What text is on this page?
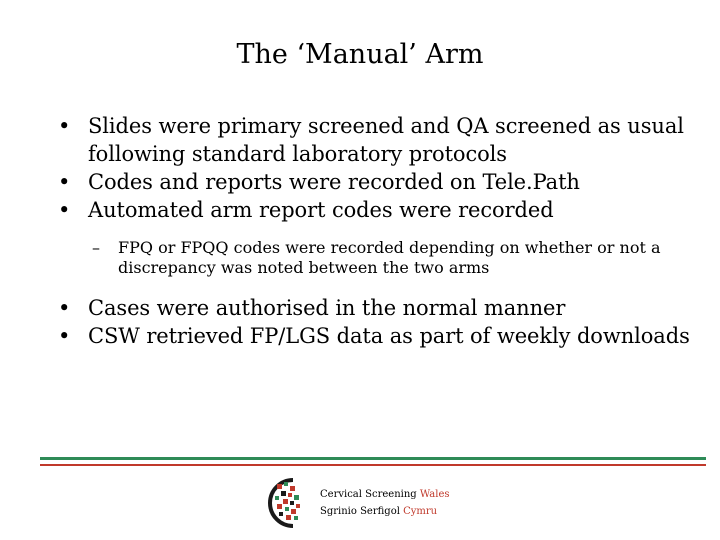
The ‘Manual’ Arm
• Slides were primary screened and QA screened as usual following standard laboratory protocols
• Codes and reports were recorded on Tele.Path
• Automated arm report codes were recorded
– FPQ or FPQQ codes were recorded depending on whether or not a discrepancy was noted between the two arms
• Cases were authorised in the normal manner
• CSW retrieved FP/LGS data as part of weekly downloads
Cervical Screening Wales
Sgrinio Serfigol Cymru
